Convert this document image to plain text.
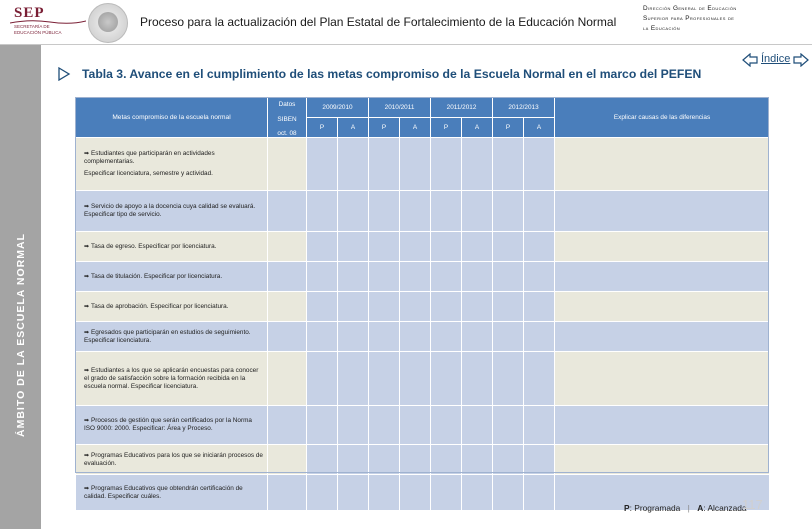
SEP
SECRETARÍA DE EDUCACIÓN PÚBLICA
Proceso para la actualización del Plan Estatal de Fortalecimiento de la Educación Normal
Dirección General de Educación
Superior para Profesionales de
la Educación
ÁMBITO DE LA ESCUELA NORMAL
Tabla 3. Avance en el cumplimiento de las metas compromiso de la Escuela Normal en el marco del PEFEN
Índice
Metas compromiso de la escuela normal	Datos
SIBEN
oct. 08	2009/2010		2010/2011		2011/2012		2012/2013		Explicar causas de las diferencias
		P	A	P	A	P	A	P	A	
➡ Estudiantes que participarán en actividades complementarias.
Especificar licenciatura, semestre y actividad.										

➡ Servicio de apoyo a la docencia cuya calidad se evaluará. Especificar tipo de servicio.										
➡ Tasa de egreso. Especificar por licenciatura.										
➡ Tasa de titulación. Especificar por licenciatura.										
➡ Tasa de aprobación. Especificar por licenciatura.										
➡ Egresados que participarán en estudios de seguimiento. Especificar licenciatura.										
➡ Estudiantes a los que se aplicarán encuestas para conocer el grado de satisfacción sobre la formación recibida en la escuela normal. Especificar licenciatura.										
➡ Procesos de gestión que serán certificados por la Norma ISO 9000: 2000. Especificar: Área y Proceso.										
➡ Programas Educativos para los que se iniciarán procesos de evaluación.										
➡ Programas Educativos que obtendrán certificación de calidad. Especificar cuáles.										
P: Programada | A: Alcanzada
117
